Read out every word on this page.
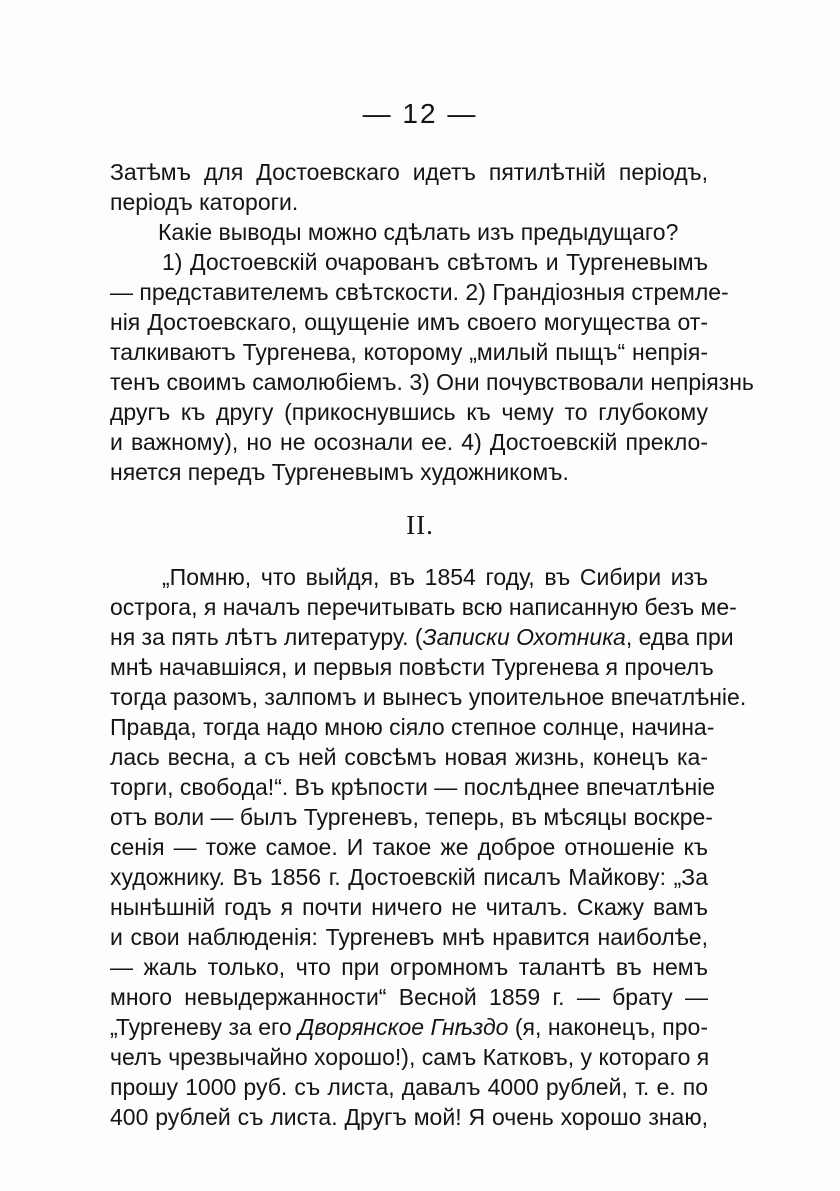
— 12 —
Затѣмъ для Достоевскаго идетъ пятилѣтній періодъ,
періодъ катороги.
Какіе выводы можно сдѣлать изъ предыдущаго?
1) Достоевскій очарованъ свѣтомъ и Тургеневымъ
— представителемъ свѣтскости. 2) Грандіозныя стремле-
нія Достоевскаго, ощущеніе имъ своего могущества от-
талкиваютъ Тургенева, которому „милый пыщъ“ непрія-
тенъ своимъ самолюбіемъ. 3) Они почувствовали непріязнь
другъ къ другу (прикоснувшись къ чему то глубокому
и важному), но не осознали ее. 4) Достоевскій прекло-
няется передъ Тургеневымъ художникомъ.
II.
„Помню, что выйдя, въ 1854 году, въ Сибири изъ
острога, я началъ перечитывать всю написанную безъ ме-
ня за пять лѣтъ литературу. (Записки Охотника, едва при
мнѣ начавшіяся, и первыя повѣсти Тургенева я прочелъ
тогда разомъ, залпомъ и вынесъ упоительное впечатлѣніе.
Правда, тогда надо мною сіяло степное солнце, начина-
лась весна, а съ ней совсѣмъ новая жизнь, конецъ ка-
торги, свобода!“. Въ крѣпости — послѣднее впечатлѣніе
отъ воли — былъ Тургеневъ, теперь, въ мѣсяцы воскре-
сенія — тоже самое. И такое же доброе отношеніе къ
художнику. Въ 1856 г. Достоевскій писалъ Майкову: „За
нынѣшній годъ я почти ничего не читалъ. Скажу вамъ
и свои наблюденія: Тургеневъ мнѣ нравится наиболѣе,
— жаль только, что при огромномъ талантѣ въ немъ
много невыдержанности“ Весной 1859 г. — брату —
„Тургеневу за его Дворянское Гнѣздо (я, наконецъ, про-
челъ чрезвычайно хорошо!), самъ Катковъ, у котораго я
прошу 1000 руб. съ листа, давалъ 4000 рублей, т. е. по
400 рублей съ листа. Другъ мой! Я очень хорошо знаю,
